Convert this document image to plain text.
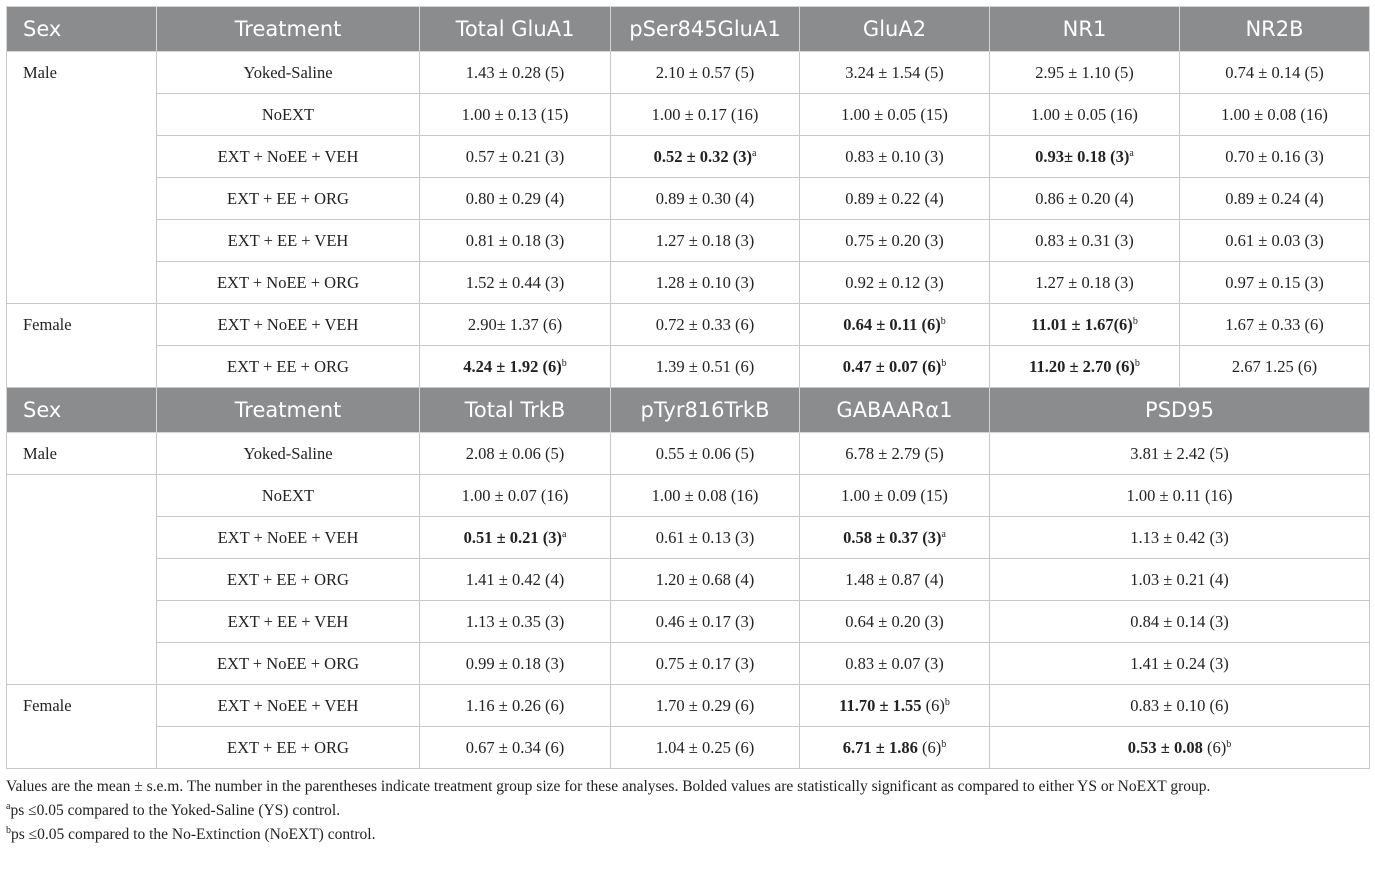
Sex	Treatment	Total GluA1	pSer845GluA1	GluA2	NR1	NR2B
Male	Yoked-Saline	1.43 ± 0.28 (5)	2.10 ± 0.57 (5)	3.24 ± 1.54 (5)	2.95 ± 1.10 (5)	0.74 ± 0.14 (5)
	NoEXT	1.00 ± 0.13 (15)	1.00 ± 0.17 (16)	1.00 ± 0.05 (15)	1.00 ± 0.05 (16)	1.00 ± 0.08 (16)
	EXT + NoEE + VEH	0.57 ± 0.21 (3)	0.52 ± 0.32 $(3)^a$	0.83 ± 0.10 (3)	0.93± 0.18 $(3)^a$	0.70 ± 0.16 (3)
	EXT + EE + ORG	0.80 ± 0.29 (4)	0.89 ± 0.30 (4)	0.89 ± 0.22 (4)	0.86 ± 0.20 (4)	0.89 ± 0.24 (4)
	EXT + EE + VEH	0.81 ± 0.18 (3)	1.27 ± 0.18 (3)	0.75 ± 0.20 (3)	0.83 ± 0.31 (3)	0.61 ± 0.03 (3)
	EXT + NoEE + ORG	1.52 ± 0.44 (3)	1.28 ± 0.10 (3)	0.92 ± 0.12 (3)	1.27 ± 0.18 (3)	0.97 ± 0.15 (3)
Female	EXT + NoEE + VEH	2.90± 1.37 (6)	0.72 ± 0.33 (6)	0.64 ± 0.11 $(6)^b$	$11.01 \pm 1.67(6)^b$	1.67 ± 0.33 (6)
	EXT + EE + ORG	4.24 ± 1.92 $(6)^b$	1.39 ± 0.51 (6)	0.47 ± 0.07 $(6)^b$	11.20 ± 2.70 $(6)^b$	2.67 1.25 (6)
Sex	Treatment	Total TrkB	pTyr816TrkB	GABAARα1	PSD95	
Male	Yoked-Saline	2.08 ± 0.06 (5)	0.55 ± 0.06 (5)	6.78 ± 2.79 (5)	3.81 ± 2.42 (5)	
	NoEXT	1.00 ± 0.07 (16)	1.00 ± 0.08 (16)	1.00 ± 0.09 (15)	1.00 ± 0.11 (16)	
	EXT + NoEE + VEH	0.51 ± 0.21 $(3)^a$	0.61 ± 0.13 (3)	0.58 ± 0.37 $(3)^a$	1.13 ± 0.42 (3)	
	EXT + EE + ORG	1.41 ± 0.42 (4)	1.20 ± 0.68 (4)	1.48 ± 0.87 (4)	1.03 ± 0.21 (4)	
	EXT + EE + VEH	1.13 ± 0.35 (3)	0.46 ± 0.17 (3)	0.64 ± 0.20 (3)	0.84 ± 0.14 (3)	
	EXT + NoEE + ORG	0.99 ± 0.18 (3)	0.75 ± 0.17 (3)	0.83 ± 0.07 (3)	1.41 ± 0.24 (3)	
Female	EXT + NoEE + VEH	1.16 ± 0.26 (6)	1.70 ± 0.29 (6)	11.70 ± 1.55 $(6)^b$	0.83 ± 0.10 (6)	
	EXT + EE + ORG	0.67 ± 0.34 (6)	1.04 ± 0.25 (6)	6.71 ± 1.86 $(6)^b$	0.53 ± 0.08 $(6)^b$

Values are the mean ± s.e.m. The number in the parentheses indicate treatment group size for these analyses. Bolded values are statistically significant as compared to either YS or NoEXT group.

$^a$ps ≤0.05 compared to the Yoked-Saline (YS) control.

$^b$ps ≤0.05 compared to the No-Extinction (NoEXT) control.
